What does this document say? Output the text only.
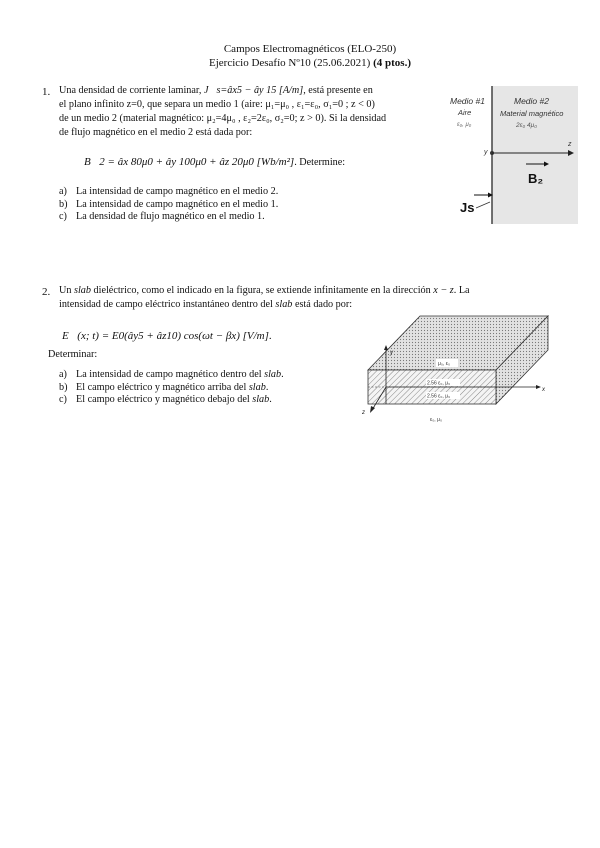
Campos Electromagnéticos (ELO-250)
Ejercicio Desafío Nº10 (25.06.2021) (4 ptos.)
1. Una densidad de corriente laminar, J⃗s=âx5 − ây 15 [A/m], está presente en
el plano infinito z=0, que separa un medio 1 (aire: μ₁=μ₀ , ε₁=ε₀, σ₁=0 ; z < 0)
de un medio 2 (material magnético: μ₂=4μ₀ , ε₂=2ε₀, σ₂=0; z > 0). Si la densidad
de flujo magnético en el medio 2 está dada por:
B⃗2 = âx 80μ0 + ây 100μ0 + âz 20μ0 [Wb/m²]. Determine:
a) La intensidad de campo magnético en el medio 2.
b) La intensidad de campo magnético en el medio 1.
c) La densidad de flujo magnético en el medio 1.
Medio #1
Aire
ε₀, μ₀
Medio #2
Material magnético
2ε₀ 4μ₀
y
z
B₂
Js
2. Un slab dieléctrico, como el indicado en la figura, se extiende infinitamente en la dirección x − z. La
intensidad de campo eléctrico instantáneo dentro del slab está dado por:
E⃗(x; t) = E0(ây5 + âz10) cos(ωt − βx) [V/m].
Determinar:
a) La intensidad de campo magnético dentro del slab.
b) El campo eléctrico y magnético arriba del slab.
c) El campo eléctrico y magnético debajo del slab.
y
x
z
μ₀, ε₀
2.56 ε₀, μ₀
2.56 ε₀, μ₀
ε₀, μ₀
